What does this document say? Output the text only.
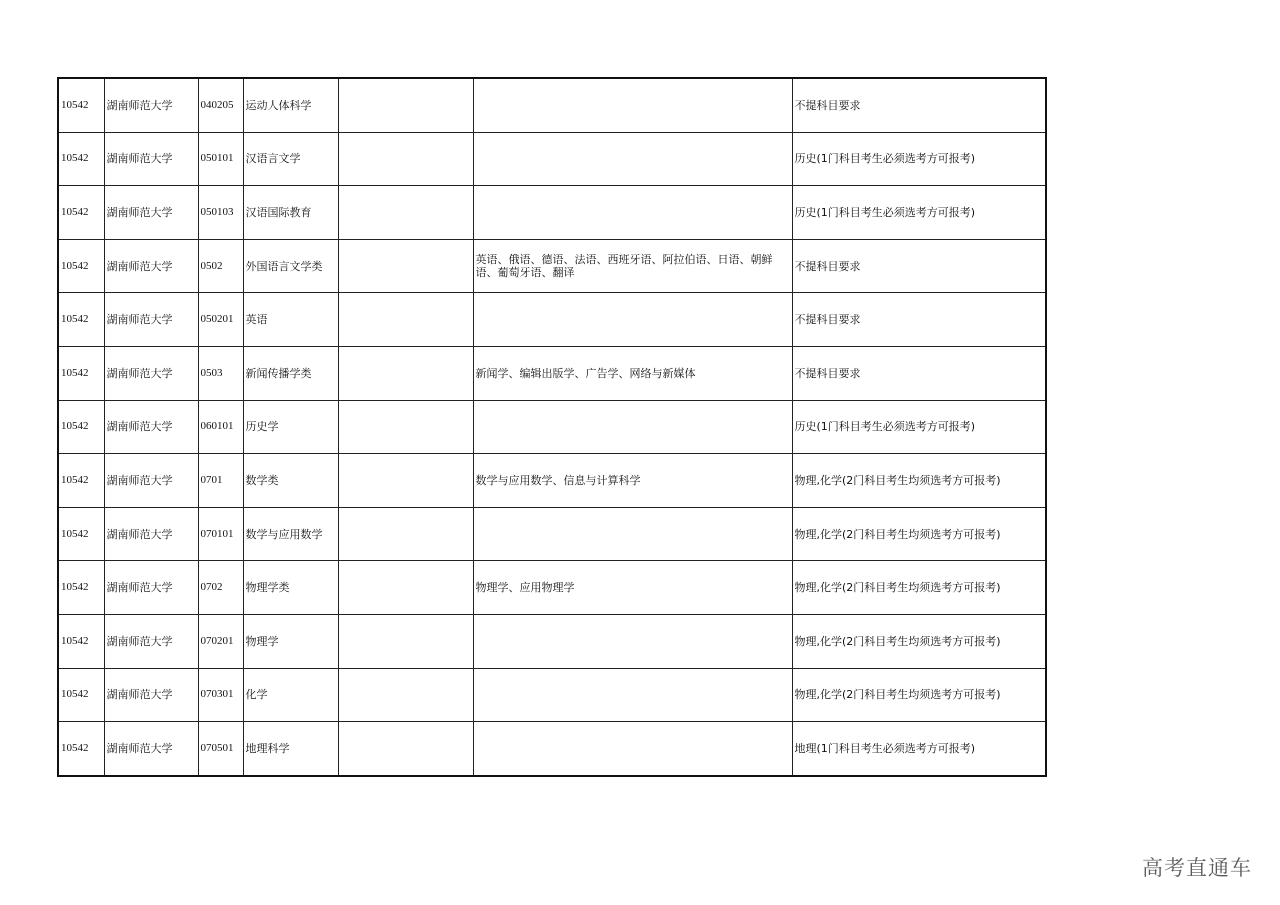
10542	湖南师范大学	040205	运动人体科学			不提科目要求
10542	湖南师范大学	050101	汉语言文学			历史(1门科目考生必须选考方可报考)
10542	湖南师范大学	050103	汉语国际教育			历史(1门科目考生必须选考方可报考)
10542	湖南师范大学	0502	外国语言文学类		英语、俄语、德语、法语、西班牙语、阿拉伯语、日语、朝鲜语、葡萄牙语、翻译	不提科目要求
10542	湖南师范大学	050201	英语			不提科目要求
10542	湖南师范大学	0503	新闻传播学类		新闻学、编辑出版学、广告学、网络与新媒体	不提科目要求
10542	湖南师范大学	060101	历史学			历史(1门科目考生必须选考方可报考)
10542	湖南师范大学	0701	数学类		数学与应用数学、信息与计算科学	物理,化学(2门科目考生均须选考方可报考)
10542	湖南师范大学	070101	数学与应用数学			物理,化学(2门科目考生均须选考方可报考)
10542	湖南师范大学	0702	物理学类		物理学、应用物理学	物理,化学(2门科目考生均须选考方可报考)
10542	湖南师范大学	070201	物理学			物理,化学(2门科目考生均须选考方可报考)
10542	湖南师范大学	070301	化学			物理,化学(2门科目考生均须选考方可报考)
10542	湖南师范大学	070501	地理科学			地理(1门科目考生必须选考方可报考)
高考直通车
